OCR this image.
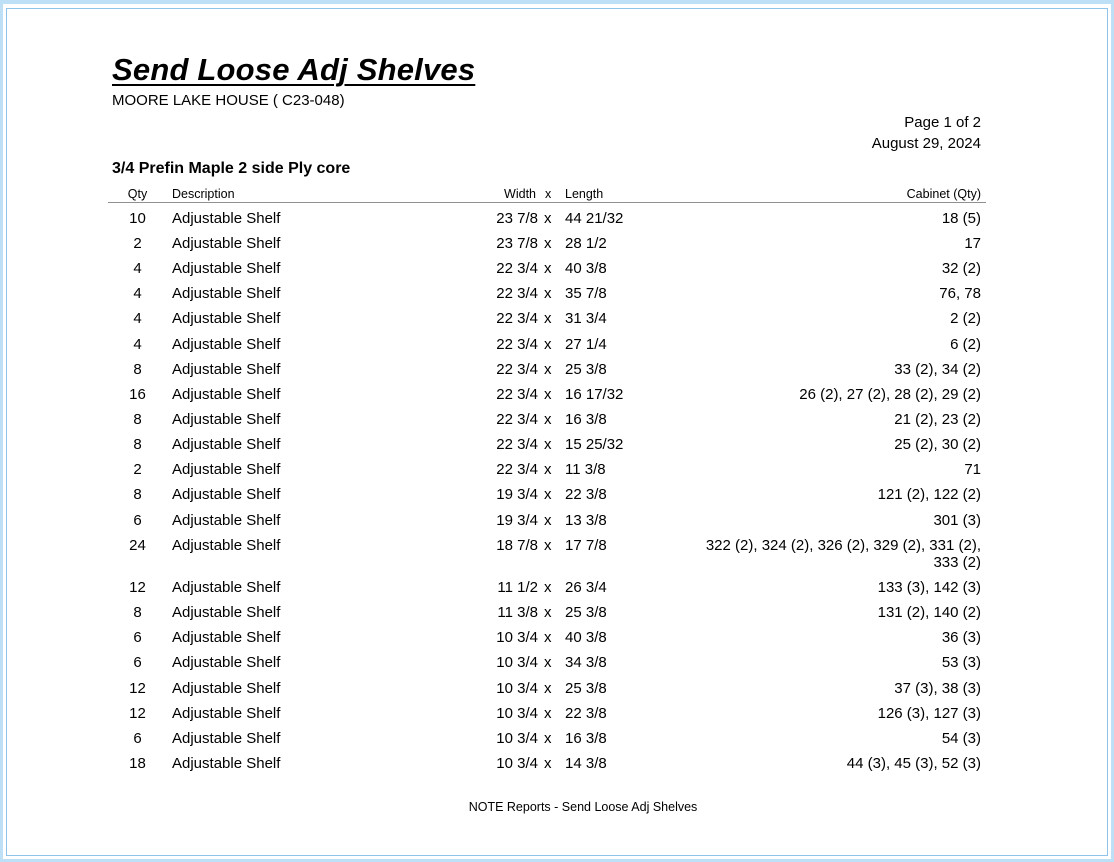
Send Loose Adj Shelves
MOORE LAKE HOUSE ( C23-048)
Page 1 of 2
August 29, 2024
3/4 Prefin Maple 2 side Ply core
Qty	Description	Width x Length	Cabinet (Qty)
10	Adjustable Shelf	23 7/8 x 44 21/32	18 (5)
2	Adjustable Shelf	23 7/8 x 28 1/2	17
4	Adjustable Shelf	22 3/4 x 40 3/8	32 (2)
4	Adjustable Shelf	22 3/4 x 35 7/8	76, 78
4	Adjustable Shelf	22 3/4 x 31 3/4	2 (2)
4	Adjustable Shelf	22 3/4 x 27 1/4	6 (2)
8	Adjustable Shelf	22 3/4 x 25 3/8	33 (2), 34 (2)
16	Adjustable Shelf	22 3/4 x 16 17/32	26 (2), 27 (2), 28 (2), 29 (2)
8	Adjustable Shelf	22 3/4 x 16 3/8	21 (2), 23 (2)
8	Adjustable Shelf	22 3/4 x 15 25/32	25 (2), 30 (2)
2	Adjustable Shelf	22 3/4 x 11 3/8	71
8	Adjustable Shelf	19 3/4 x 22 3/8	121 (2), 122 (2)
6	Adjustable Shelf	19 3/4 x 13 3/8	301 (3)
24	Adjustable Shelf	18 7/8 x 17 7/8	322 (2), 324 (2), 326 (2), 329 (2), 331 (2), 333 (2)
12	Adjustable Shelf	11 1/2 x 26 3/4	133 (3), 142 (3)
8	Adjustable Shelf	11 3/8 x 25 3/8	131 (2), 140 (2)
6	Adjustable Shelf	10 3/4 x 40 3/8	36 (3)
6	Adjustable Shelf	10 3/4 x 34 3/8	53 (3)
12	Adjustable Shelf	10 3/4 x 25 3/8	37 (3), 38 (3)
12	Adjustable Shelf	10 3/4 x 22 3/8	126 (3), 127 (3)
6	Adjustable Shelf	10 3/4 x 16 3/8	54 (3)
18	Adjustable Shelf	10 3/4 x 14 3/8	44 (3), 45 (3), 52 (3)
NOTE Reports - Send Loose Adj Shelves
